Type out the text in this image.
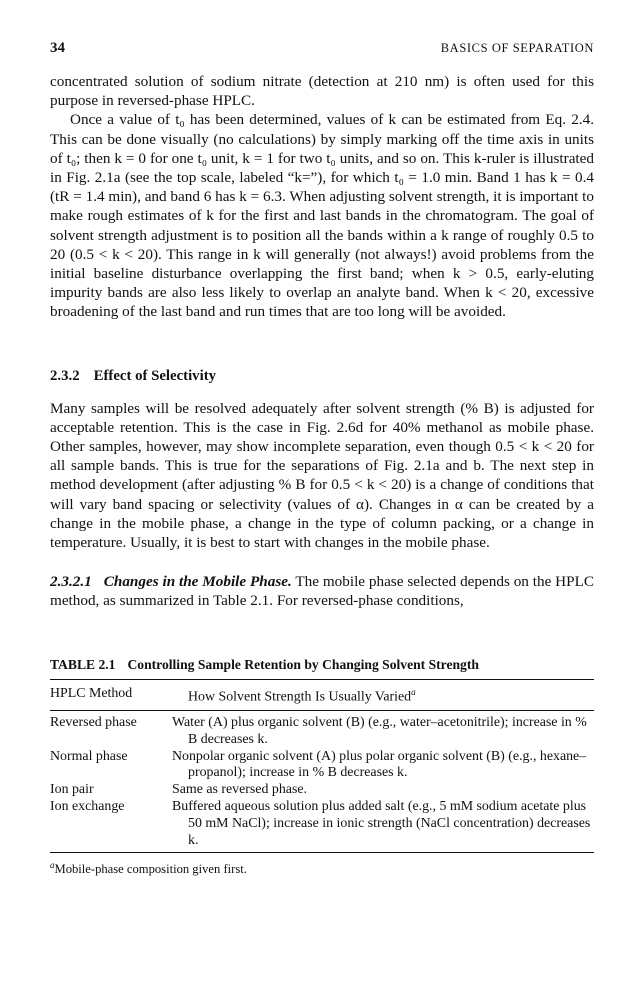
34	BASICS OF SEPARATION

concentrated solution of sodium nitrate (detection at 210 nm) is often used for this purpose in reversed-phase HPLC.

Once a value of t₀ has been determined, values of k can be estimated from Eq. 2.4. This can be done visually (no calculations) by simply marking off the time axis in units of t₀; then k = 0 for one t₀ unit, k = 1 for two t₀ units, and so on. This k-ruler is illustrated in Fig. 2.1a (see the top scale, labeled “k=”), for which t₀ = 1.0 min. Band 1 has k = 0.4 (tR = 1.4 min), and band 6 has k = 6.3. When adjusting solvent strength, it is important to make rough estimates of k for the first and last bands in the chromatogram. The goal of solvent strength adjustment is to position all the bands within a k range of roughly 0.5 to 20 (0.5 < k < 20). This range in k will generally (not always!) avoid problems from the initial baseline disturbance overlapping the first band; when k > 0.5, early-eluting impurity bands are also less likely to overlap an analyte band. When k < 20, excessive broadening of the last band and run times that are too long will be avoided.

2.3.2 Effect of Selectivity

Many samples will be resolved adequately after solvent strength (% B) is adjusted for acceptable retention. This is the case in Fig. 2.6d for 40% methanol as mobile phase. Other samples, however, may show incomplete separation, even though 0.5 < k < 20 for all sample bands. This is true for the separations of Fig. 2.1a and b. The next step in method development (after adjusting % B for 0.5 < k < 20) is a change of conditions that will vary band spacing or selectivity (values of α). Changes in α can be created by a change in the mobile phase, a change in the type of column packing, or a change in temperature. Usually, it is best to start with changes in the mobile phase.

2.3.2.1 Changes in the Mobile Phase. The mobile phase selected depends on the HPLC method, as summarized in Table 2.1. For reversed-phase conditions,

TABLE 2.1 Controlling Sample Retention by Changing Solvent Strength
HPLC Method	How Solvent Strength Is Usually Varied$^a$
Reversed phase	Water (A) plus organic solvent (B) (e.g., water–acetonitrile); increase in % B decreases k.
Normal phase	Nonpolar organic solvent (A) plus polar organic solvent (B) (e.g., hexane–propanol); increase in % B decreases k.
Ion pair	Same as reversed phase.
Ion exchange	Buffered aqueous solution plus added salt (e.g., 5 mM sodium acetate plus 50 mM NaCl); increase in ionic strength (NaCl concentration) decreases k.
$^a$Mobile-phase composition given first.
